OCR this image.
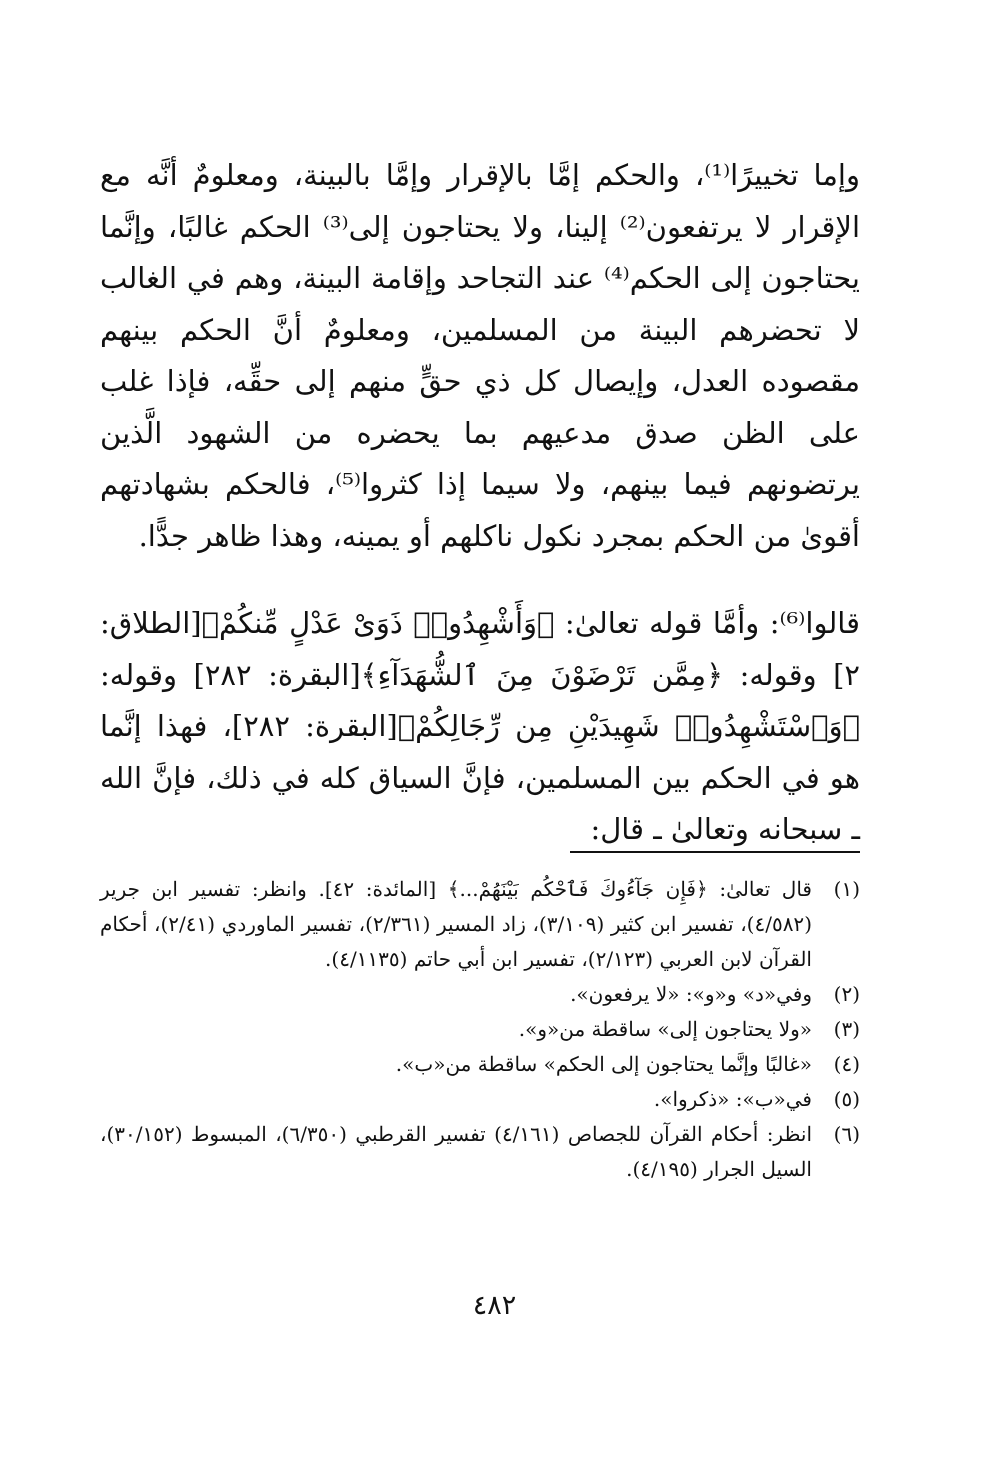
وإما تخييرًا⁽¹⁾، والحكم إمَّا بالإقرار وإمَّا بالبينة، ومعلومٌ أنَّه مع الإقرار لا يرتفعون⁽²⁾ إلينا، ولا يحتاجون إلى⁽³⁾ الحكم غالبًا، وإنَّما يحتاجون إلى الحكم⁽⁴⁾ عند التجاحد وإقامة البينة، وهم في الغالب لا تحضرهم البينة من المسلمين، ومعلومٌ أنَّ الحكم بينهم مقصوده العدل، وإيصال كل ذي حقٍّ منهم إلى حقِّه، فإذا غلب على الظن صدق مدعيهم بما يحضره من الشهود الَّذين يرتضونهم فيما بينهم، ولا سيما إذا كثروا⁽⁵⁾، فالحكم بشهادتهم أقوىٰ من الحكم بمجرد نكول ناكلهم أو يمينه، وهذا ظاهر جدًّا.

قالوا⁽⁶⁾: وأمَّا قوله تعالىٰ: ﴿وَأَشْهِدُوا۟ ذَوَىْ عَدْلٍ مِّنكُمْ﴾[الطلاق: ٢] وقوله: ﴿مِمَّن تَرْضَوْنَ مِنَ ٱلشُّهَدَآءِ﴾[البقرة: ٢٨٢] وقوله: ﴿وَٱسْتَشْهِدُوا۟ شَهِيدَيْنِ مِن رِّجَالِكُمْ﴾[البقرة: ٢٨٢]، فهذا إنَّما هو في الحكم بين المسلمين، فإنَّ السياق كله في ذلك، فإنَّ الله ـ سبحانه وتعالىٰ ـ قال:

(١)
قال تعالىٰ: ﴿فَإِن جَآءُوكَ فَٱحْكُم بَيْنَهُمْ...﴾ [المائدة: ٤٢]. وانظر: تفسير ابن جرير (٤/٥٨٢)، تفسير ابن كثير (٣/١٠٩)، زاد المسير (٢/٣٦١)، تفسير الماوردي (٢/٤١)، أحكام القرآن لابن العربي (٢/١٢٣)، تفسير ابن أبي حاتم (٤/١١٣٥).
(٢)
وفي«د» و«و»: «لا يرفعون».
(٣)
«ولا يحتاجون إلى» ساقطة من«و».
(٤)
«غالبًا وإنَّما يحتاجون إلى الحكم» ساقطة من«ب».
(٥)
في«ب»: «ذكروا».
(٦)
انظر: أحكام القرآن للجصاص (٤/١٦١) تفسير القرطبي (٦/٣٥٠)، المبسوط (٣٠/١٥٢)، السيل الجرار (٤/١٩٥).
٤٨٢
